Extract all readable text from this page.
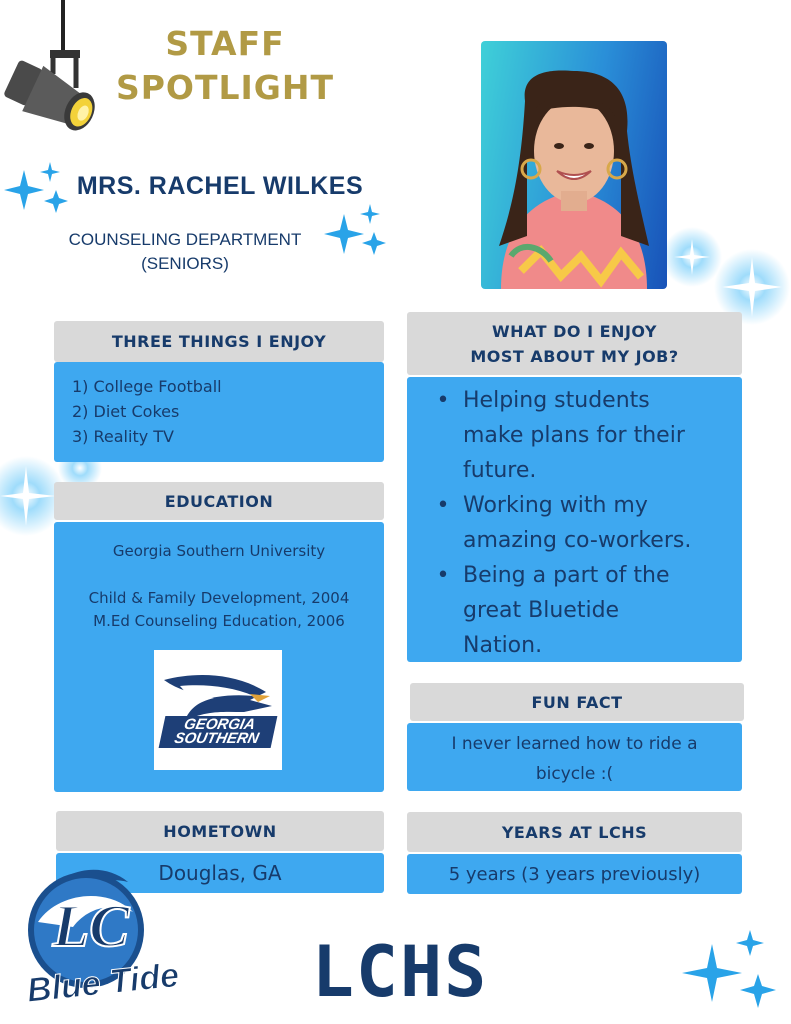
STAFF
SPOTLIGHT
MRS. RACHEL WILKES
COUNSELING DEPARTMENT
(SENIORS)
THREE THINGS I ENJOY
1) College Football
2) Diet Cokes
3) Reality TV
WHAT DO I ENJOY
MOST ABOUT MY JOB?
• Helping students
make plans for their
future.
• Working with my
amazing co-workers.
• Being a part of the
great Bluetide
Nation.
EDUCATION
Georgia Southern University
Child & Family Development, 2004
M.Ed Counseling Education, 2006
GEORGIA
SOUTHERN
FUN FACT
I never learned how to ride a
bicycle :(
HOMETOWN
Douglas, GA
YEARS AT LCHS
5 years (3 years previously)
LC
Blue Tide	LCHS
